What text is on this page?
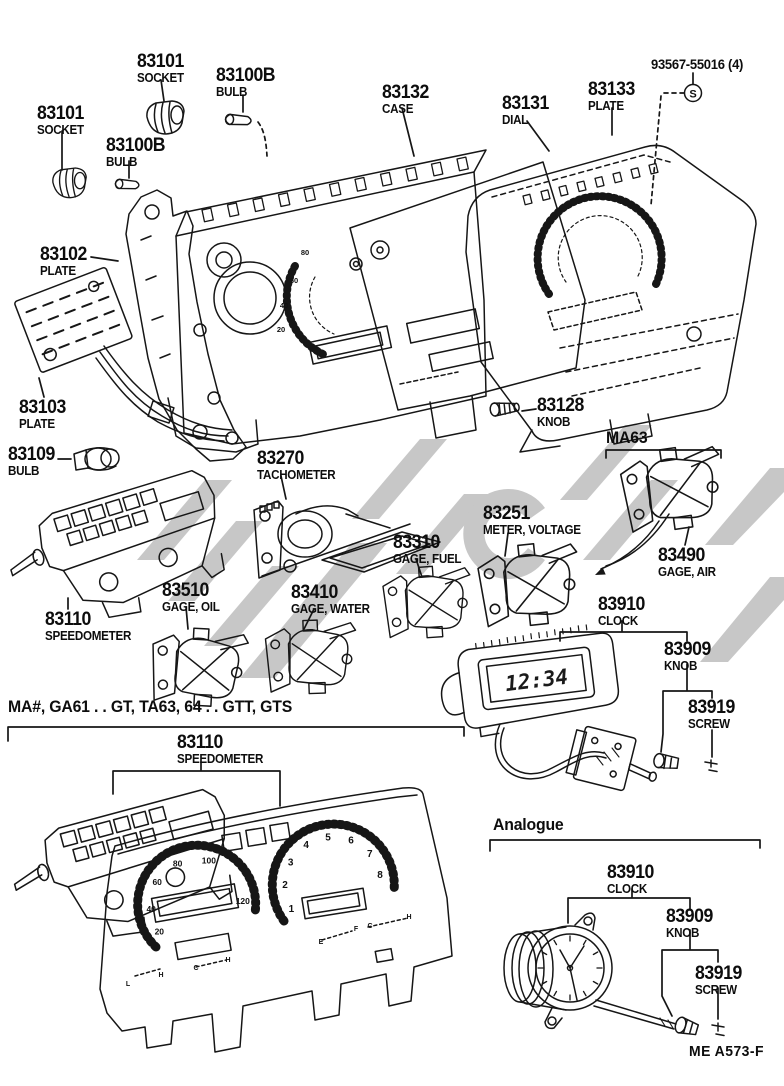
80
60
40
20
12:34
20
40
60
80 100
120
1
2
3
4
5 6
7
8
L
H
C
H
E
F C
H
S
83101
SOCKET 83100B
BULB
83101
SOCKET
83100B
BULB
83132
CASE	83131
DIAL
83133
PLATE
83102
PLATE
83103
PLATE
83109
BULB
83128
KNOB
83270
TACHOMETER
83251
METER, VOLTAGE
83310
GAGE, FUEL	83490
GAGE, AIR
83510
GAGE, OIL
83410
GAGE, WATER
83110
SPEEDOMETER
83910
CLOCK
83909
KNOB
83919
SCREW
83110
SPEEDOMETER
83910
CLOCK
83909
KNOB
83919
SCREW
93567-55016 (4)
MA63
MA#, GA61 . . GT, TA63, 64 . . GTT, GTS
Analogue
ME A573-F
